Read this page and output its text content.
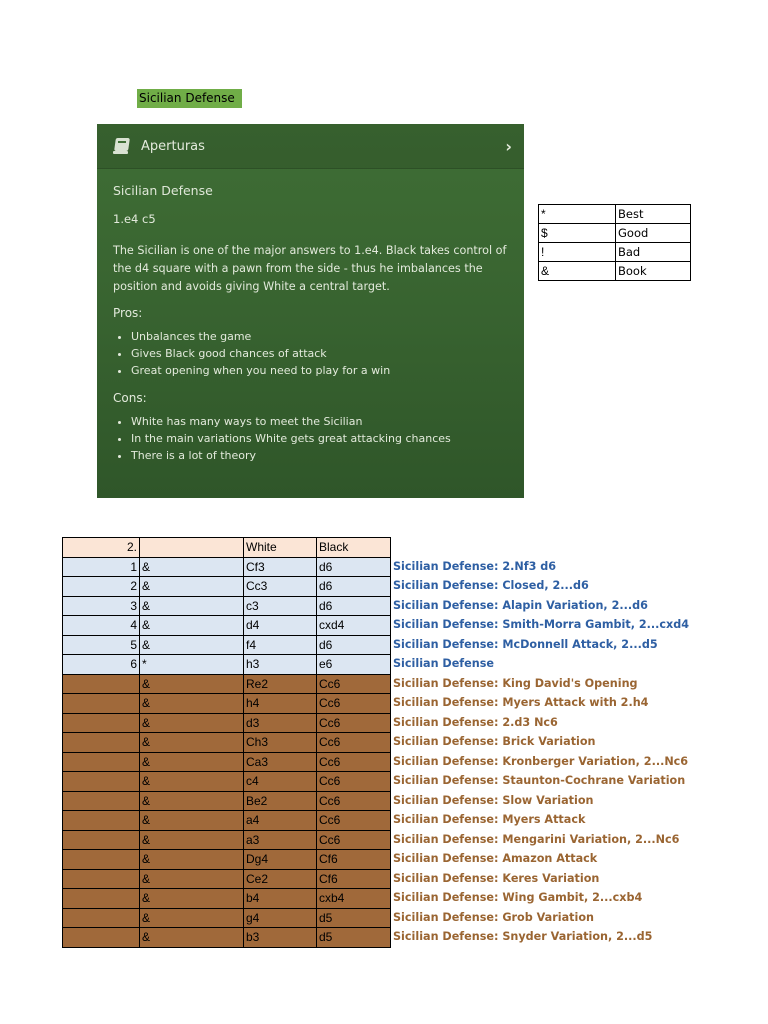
Sicilian Defense
Aperturas	›
Sicilian Defense
1.e4 c5
The Sicilian is one of the major answers to 1.e4. Black takes control of the d4 square with a pawn from the side - thus he imbalances the position and avoids giving White a central target.
Pros:
• Unbalances the game
• Gives Black good chances of attack
• Great opening when you need to play for a win
Cons:
• White has many ways to meet the Sicilian
• In the main variations White gets great attacking chances
• There is a lot of theory
*	Best
$	Good
!	Bad
&	Book
2.		White	Black	
1	&	Cf3	d6	Sicilian Defense: 2.Nf3 d6
2	&	Cc3	d6	Sicilian Defense: Closed, 2...d6
3	&	c3	d6	Sicilian Defense: Alapin Variation, 2...d6
4	&	d4	cxd4	Sicilian Defense: Smith-Morra Gambit, 2...cxd4
5	&	f4	d6	Sicilian Defense: McDonnell Attack, 2...d5
6	*	h3	e6	Sicilian Defense
	&	Re2	Cc6	Sicilian Defense: King David's Opening
	&	h4	Cc6	Sicilian Defense: Myers Attack with 2.h4
	&	d3	Cc6	Sicilian Defense: 2.d3 Nc6
	&	Ch3	Cc6	Sicilian Defense: Brick Variation
	&	Ca3	Cc6	Sicilian Defense: Kronberger Variation, 2...Nc6
	&	c4	Cc6	Sicilian Defense: Staunton-Cochrane Variation
	&	Be2	Cc6	Sicilian Defense: Slow Variation
	&	a4	Cc6	Sicilian Defense: Myers Attack
	&	a3	Cc6	Sicilian Defense: Mengarini Variation, 2...Nc6
	&	Dg4	Cf6	Sicilian Defense: Amazon Attack
	&	Ce2	Cf6	Sicilian Defense: Keres Variation
	&	b4	cxb4	Sicilian Defense: Wing Gambit, 2...cxb4
	&	g4	d5	Sicilian Defense: Grob Variation
	&	b3	d5	Sicilian Defense: Snyder Variation, 2...d5
